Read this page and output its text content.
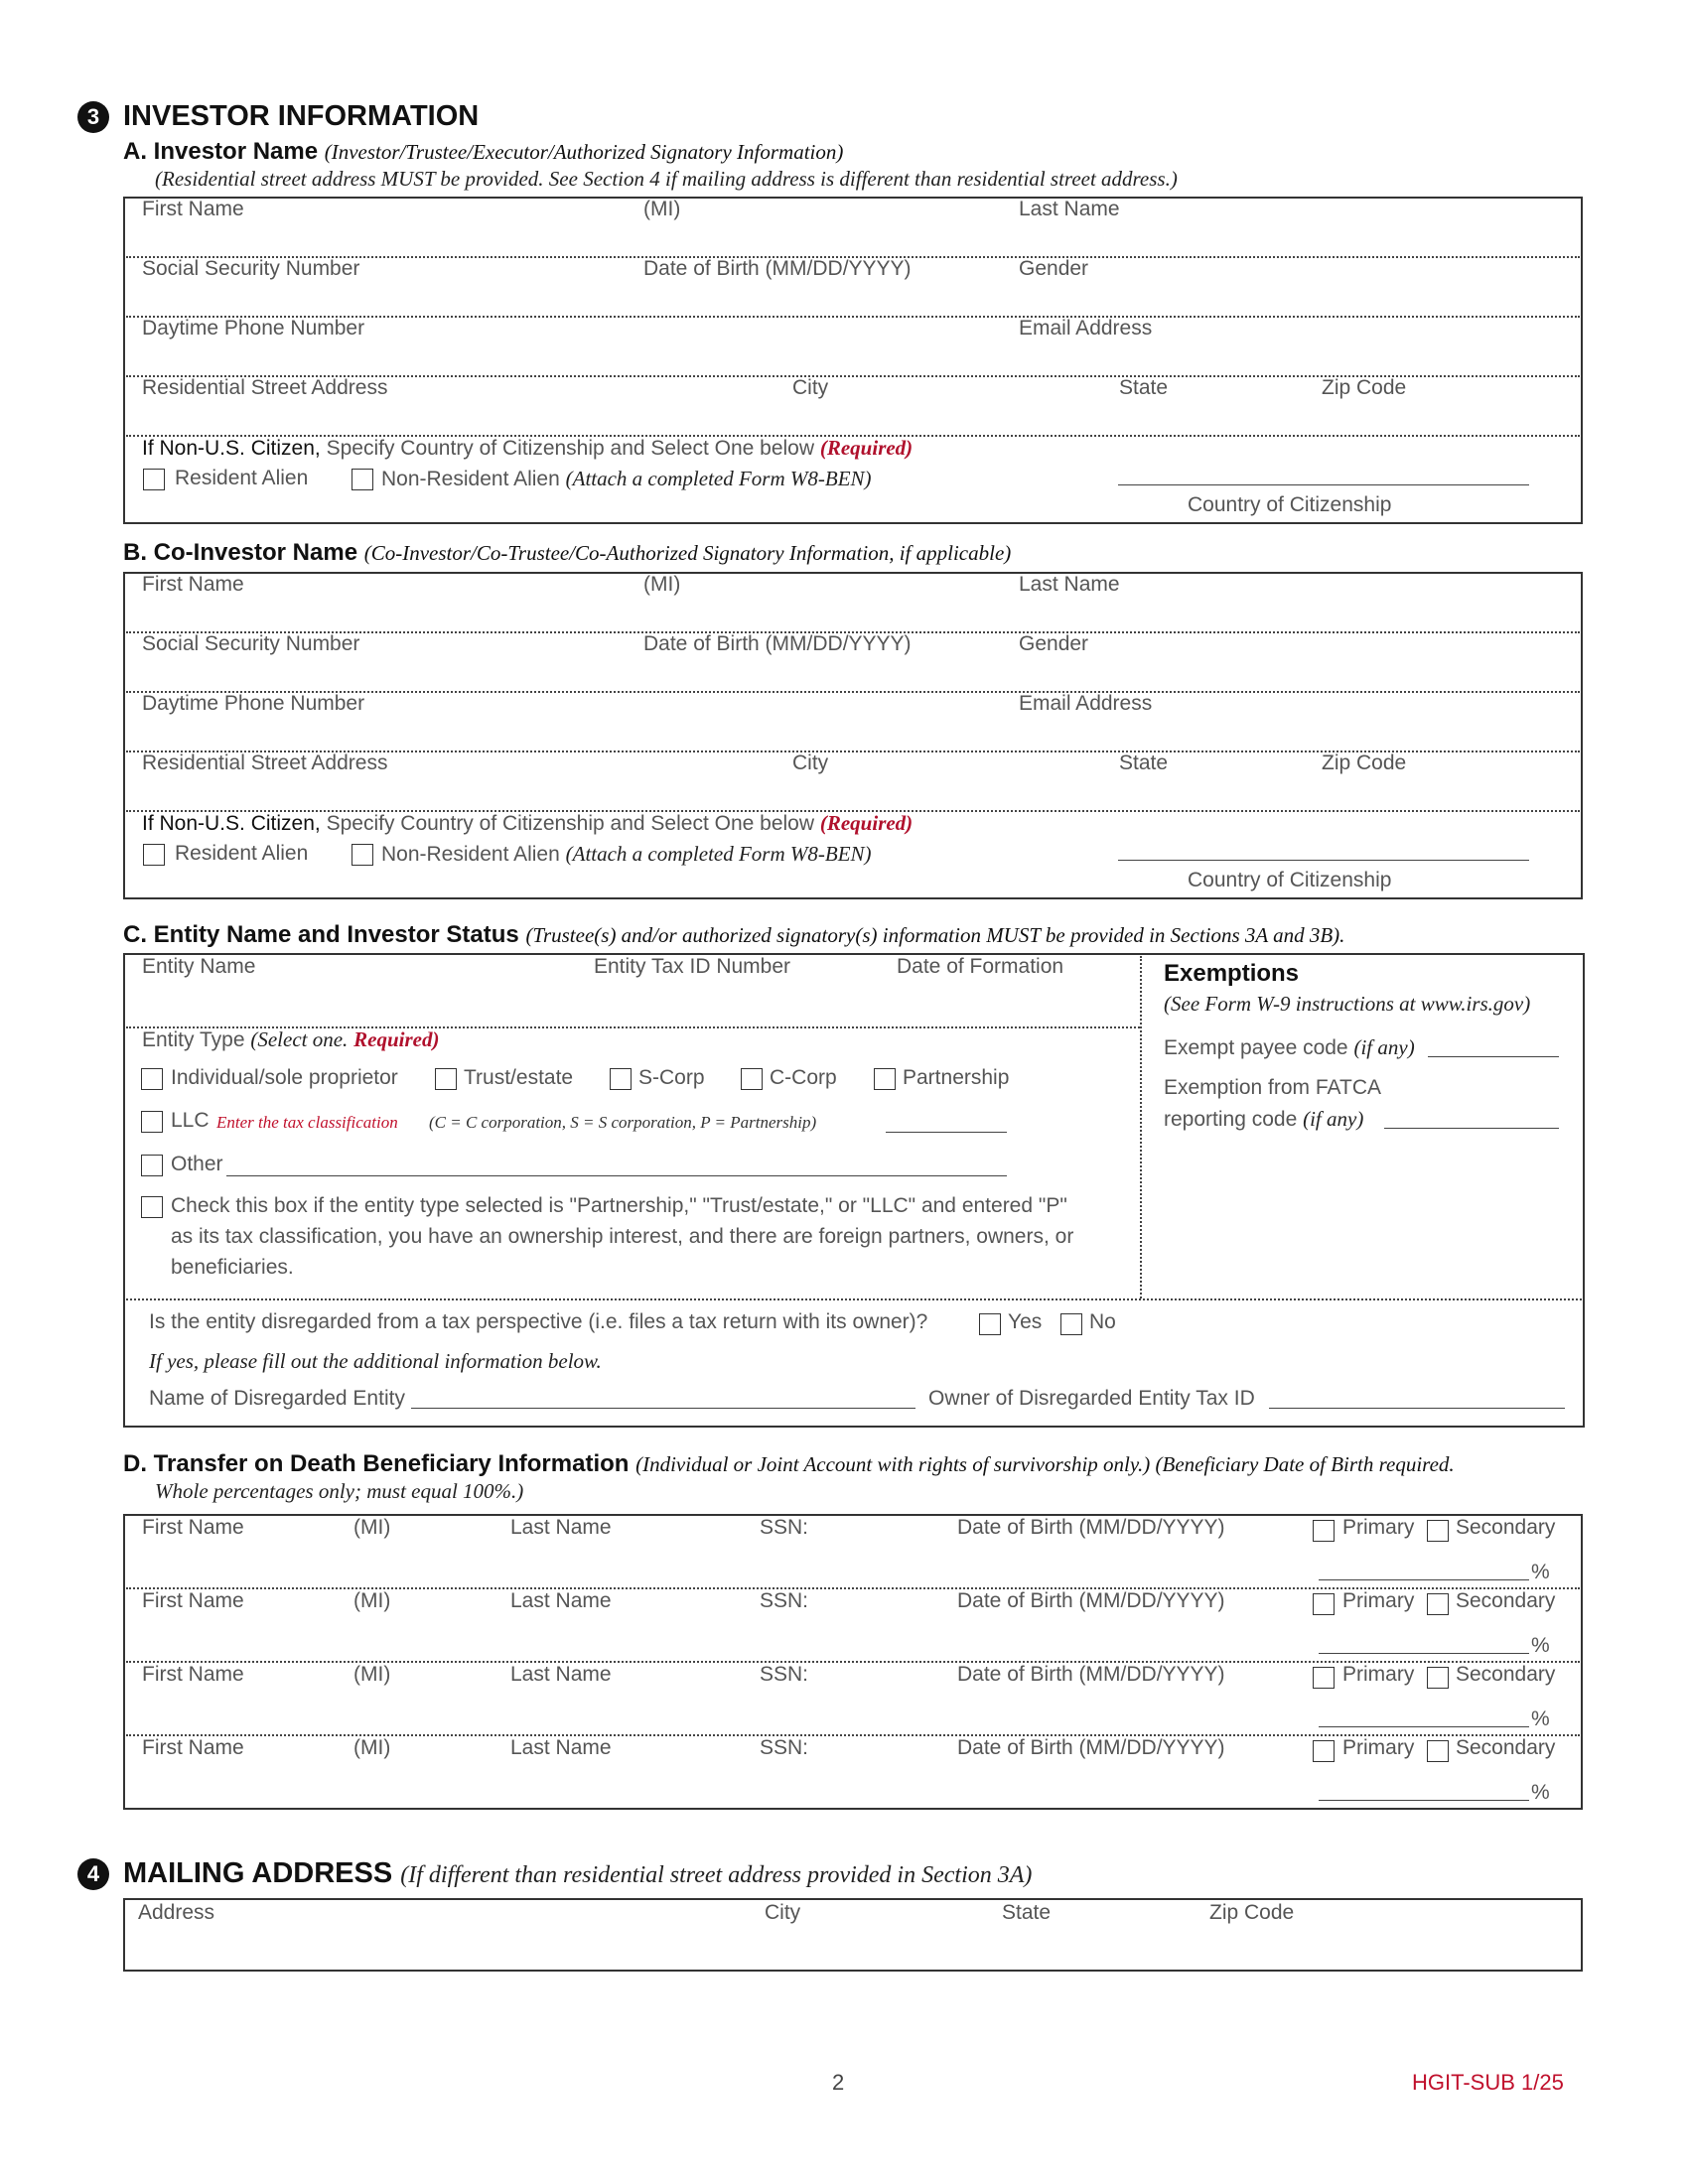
3 INVESTOR INFORMATION
A. Investor Name (Investor/Trustee/Executor/Authorized Signatory Information)
(Residential street address MUST be provided. See Section 4 if mailing address is different than residential street address.)
First Name	(MI)	Last Name
Social Security Number	Date of Birth (MM/DD/YYYY)	Gender
Daytime Phone Number	Email Address
Residential Street Address	City	State	Zip Code
If Non-U.S. Citizen, Specify Country of Citizenship and Select One below (Required)
Resident Alien	Non-Resident Alien (Attach a completed Form W8-BEN)
Country of Citizenship
B. Co-Investor Name (Co-Investor/Co-Trustee/Co-Authorized Signatory Information, if applicable)
First Name	(MI)	Last Name
Social Security Number	Date of Birth (MM/DD/YYYY)	Gender
Daytime Phone Number	Email Address
Residential Street Address	City	State	Zip Code
If Non-U.S. Citizen, Specify Country of Citizenship and Select One below (Required)
Resident Alien	Non-Resident Alien (Attach a completed Form W8-BEN)
Country of Citizenship
C. Entity Name and Investor Status (Trustee(s) and/or authorized signatory(s) information MUST be provided in Sections 3A and 3B).
Entity Name	Entity Tax ID Number	Date of Formation
Entity Type (Select one. Required)
Individual/sole proprietor	Trust/estate	S-Corp	C-Corp	Partnership
LLC Enter the tax classification (C = C corporation, S = S corporation, P = Partnership)
Other
Check this box if the entity type selected is "Partnership," "Trust/estate," or "LLC" and entered "P"
as its tax classification, you have an ownership interest, and there are foreign partners, owners, or
beneficiaries.
Exemptions
(See Form W-9 instructions at www.irs.gov)
Exempt payee code (if any)
Exemption from FATCA
reporting code (if any)
Is the entity disregarded from a tax perspective (i.e. files a tax return with its owner)?	Yes No
If yes, please fill out the additional information below.
Name of Disregarded Entity	Owner of Disregarded Entity Tax ID
D. Transfer on Death Beneficiary Information (Individual or Joint Account with rights of survivorship only.) (Beneficiary Date of Birth required.
Whole percentages only; must equal 100%.)
First Name	(MI)	Last Name	SSN:	Date of Birth (MM/DD/YYYY)	Primary Secondary
%
First Name	(MI)	Last Name	SSN:	Date of Birth (MM/DD/YYYY)	Primary Secondary
%
First Name	(MI)	Last Name	SSN:	Date of Birth (MM/DD/YYYY)	Primary Secondary
%
First Name	(MI)	Last Name	SSN:	Date of Birth (MM/DD/YYYY)	Primary Secondary
%
4 MAILING ADDRESS (If different than residential street address provided in Section 3A)
Address	City	State	Zip Code
2	HGIT-SUB 1/25
